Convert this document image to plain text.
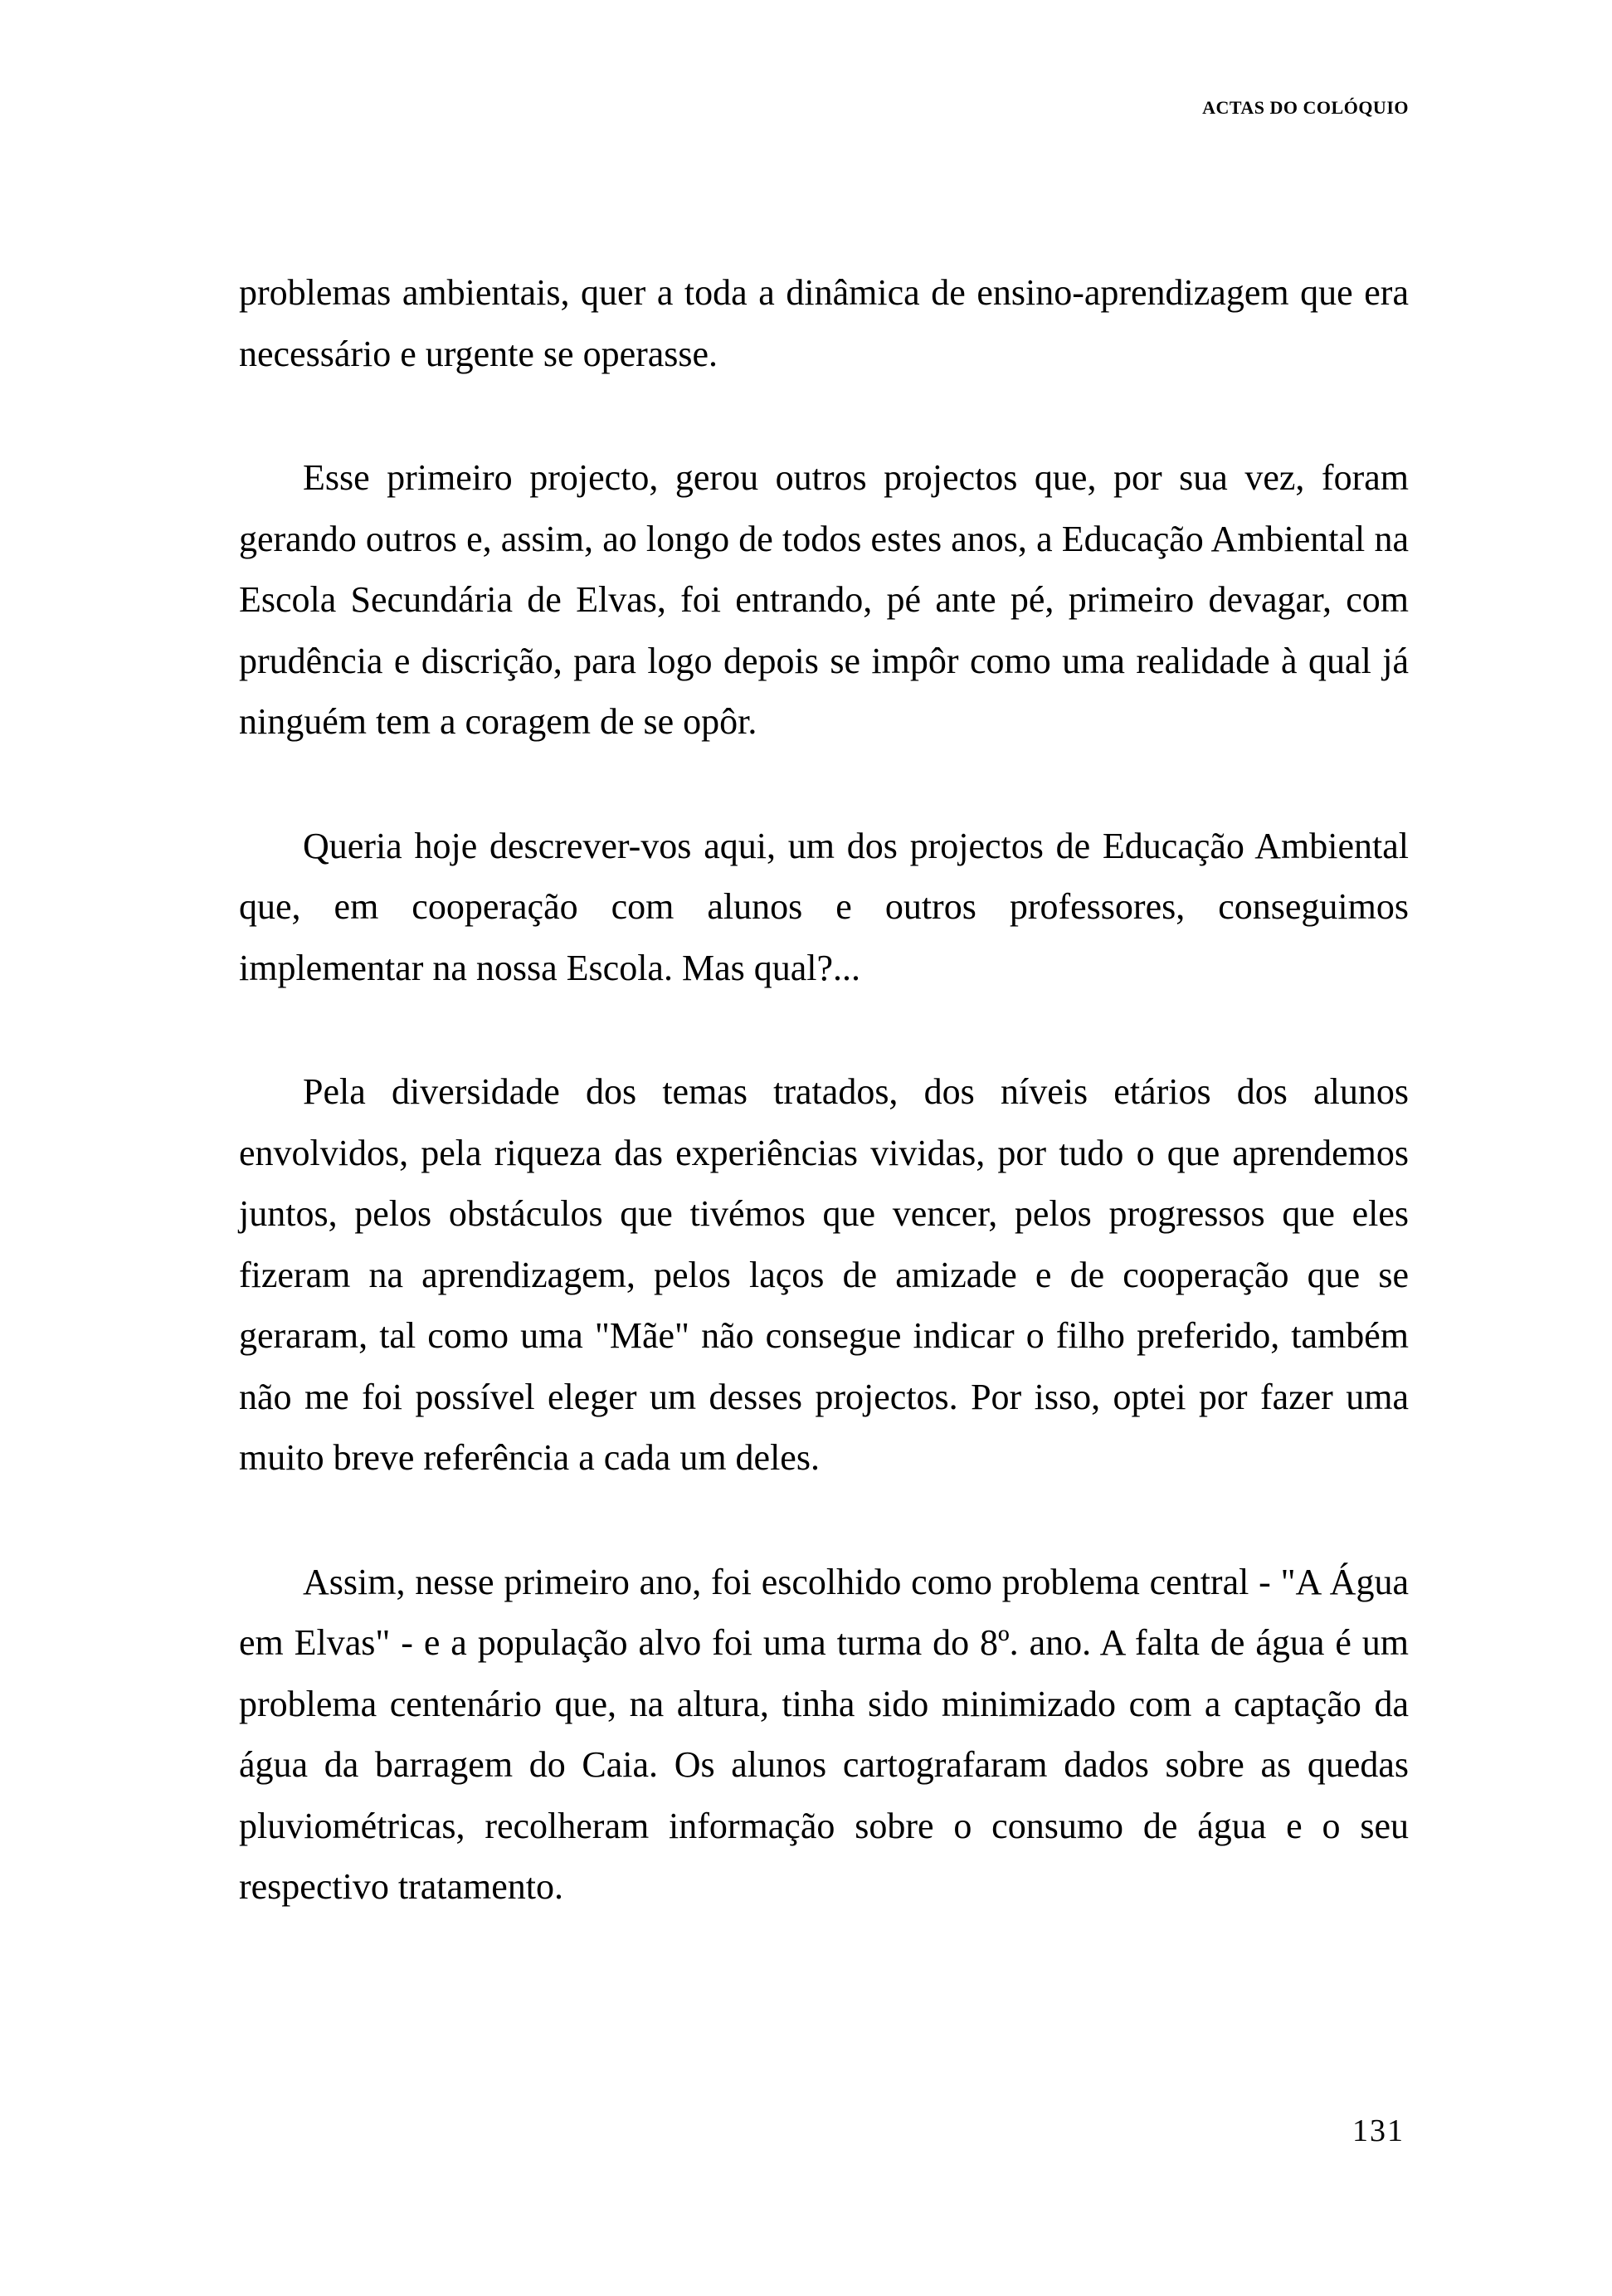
ACTAS DO COLÓQUIO

problemas ambientais, quer a toda a dinâmica de ensino-aprendizagem que era necessário e urgente se operasse.

Esse primeiro projecto, gerou outros projectos que, por sua vez, foram gerando outros e, assim, ao longo de todos estes anos, a Educação Ambiental na Escola Secundária de Elvas, foi entrando, pé ante pé, primeiro devagar, com prudência e discrição, para logo depois se impôr como uma realidade à qual já ninguém tem a coragem de se opôr.

Queria hoje descrever-vos aqui, um dos projectos de Educação Ambiental que, em cooperação com alunos e outros professores, conseguimos implementar na nossa Escola. Mas qual?...

Pela diversidade dos temas tratados, dos níveis etários dos alunos envolvidos, pela riqueza das experiências vividas, por tudo o que aprendemos juntos, pelos obstáculos que tivémos que vencer, pelos progressos que eles fizeram na aprendizagem, pelos laços de amizade e de cooperação que se geraram, tal como uma "Mãe" não consegue indicar o filho preferido, também não me foi possível eleger um desses projectos. Por isso, optei por fazer uma muito breve referência a cada um deles.

Assim, nesse primeiro ano, foi escolhido como problema central - "A Água em Elvas" - e a população alvo foi uma turma do 8º. ano. A falta de água é um problema centenário que, na altura, tinha sido minimizado com a captação da água da barragem do Caia. Os alunos cartografaram dados sobre as quedas pluviométricas, recolheram informação sobre o consumo de água e o seu respectivo tratamento.

131
